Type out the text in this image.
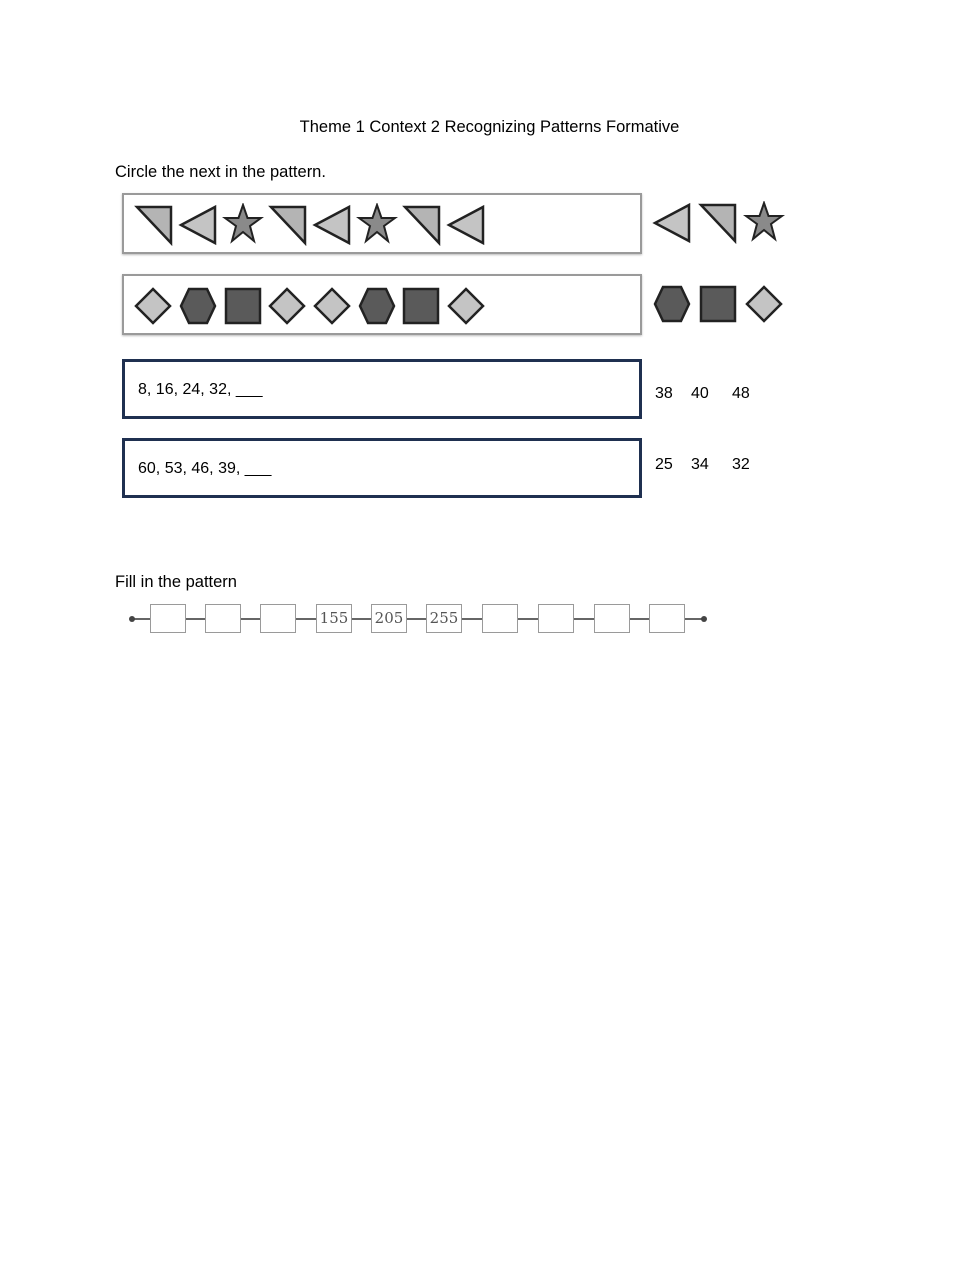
Theme 1 Context 2 Recognizing Patterns Formative
Circle the next in the pattern.
8, 16, 24, 32, ___	38 40 48
60, 53, 46, 39, ___	25 34 32
Fill in the pattern
155 205 255
